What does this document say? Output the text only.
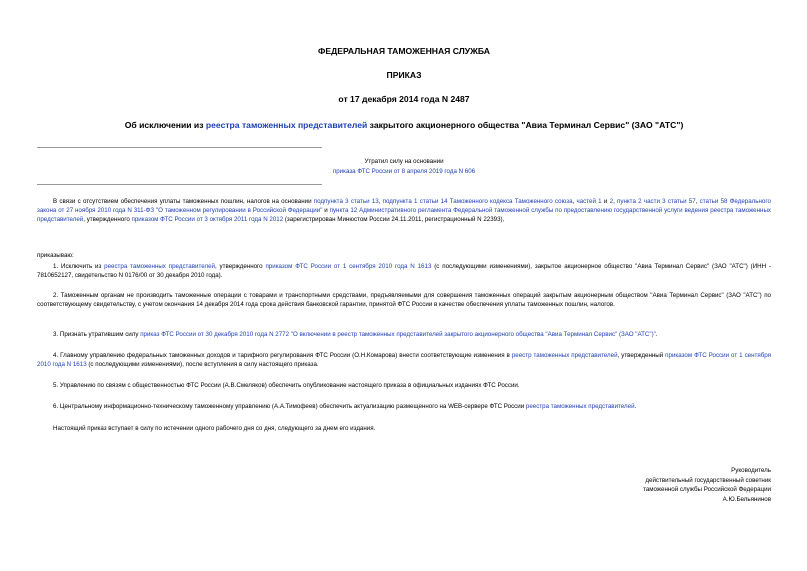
ФЕДЕРАЛЬНАЯ ТАМОЖЕННАЯ СЛУЖБА
ПРИКАЗ
от 17 декабря 2014 года N 2487
Об исключении из реестра таможенных представителей закрытого акционерного общества "Авиа Терминал Сервис" (ЗАО "АТС")
Утратил силу на основании
приказа ФТС России от 8 апреля 2019 года N 606
В связи с отсутствием обеспечения уплаты таможенных пошлин, налогов на основании подпункта 3 статьи 13, подпункта 1 статьи 14 Таможенного кодекса Таможенного союза, частей 1 и 2, пункта 2 части 3 статьи 57, статьи 58 Федерального закона от 27 ноября 2010 года N 311-ФЗ "О таможенном регулировании в Российской Федерации" и пункта 12 Административного регламента Федеральной таможенной службы по предоставлению государственной услуги ведения реестра таможенных представителей, утвержденного приказом ФТС России от 3 октября 2011 года N 2012 (зарегистрирован Минюстом России 24.11.2011, регистрационный N 22393),
приказываю:
1. Исключить из реестра таможенных представителей, утвержденного приказом ФТС России от 1 сентября 2010 года N 1613 (с последующими изменениями), закрытое акционерное общество "Авиа Терминал Сервис" (ЗАО "АТС") (ИНН - 7810652127, свидетельство N 0176/00 от 30 декабря 2010 года).
2. Таможенным органам не производить таможенные операции с товарами и транспортными средствами, предъявляемыми для совершения таможенных операций закрытым акционерным обществом "Авиа Терминал Сервис" (ЗАО "АТС") по соответствующему свидетельству, с учетом окончания 14 декабря 2014 года срока действия банковской гарантии, принятой ФТС России в качестве обеспечения уплаты таможенных пошлин, налогов.
3. Признать утратившим силу приказ ФТС России от 30 декабря 2010 года N 2772 "О включении в реестр таможенных представителей закрытого акционерного общества "Авиа Терминал Сервис" (ЗАО "АТС")".
4. Главному управлению федеральных таможенных доходов и тарифного регулирования ФТС России (О.Н.Комарова) внести соответствующие изменения в реестр таможенных представителей, утвержденный приказом ФТС России от 1 сентября 2010 года N 1613 (с последующими изменениями), после вступления в силу настоящего приказа.
5. Управлению по связям с общественностью ФТС России (А.В.Смеляков) обеспечить опубликование настоящего приказа в официальных изданиях ФТС России.
6. Центральному информационно-техническому таможенному управлению (А.А.Тимофеев) обеспечить актуализацию размещенного на WEB-сервере ФТС России реестра таможенных представителей.
Настоящий приказ вступает в силу по истечении одного рабочего дня со дня, следующего за днем его издания.
Руководитель
действительный государственный советник
таможенной службы Российской Федерации
А.Ю.Бельянинов
